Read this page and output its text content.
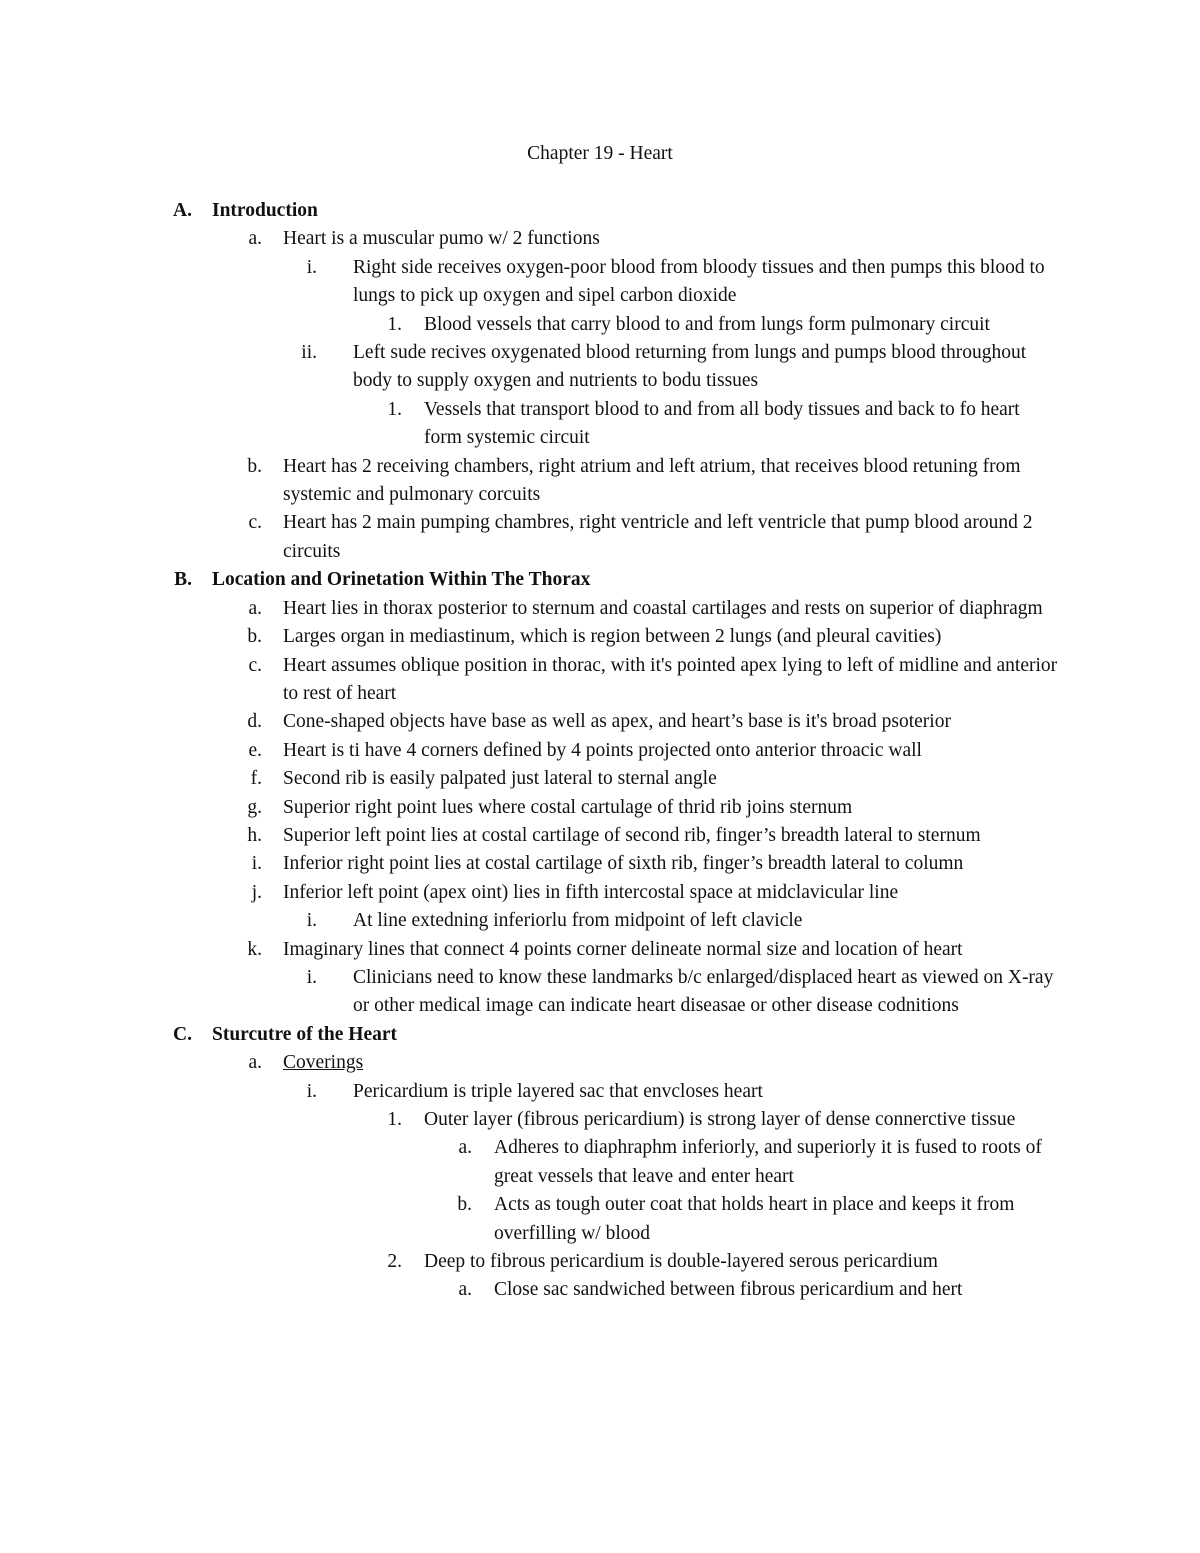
Chapter 19 - Heart
A. Introduction
a. Heart is a muscular pumo w/ 2 functions
i. Right side receives oxygen-poor blood from bloody tissues and then pumps this blood to lungs to pick up oxygen and sipel carbon dioxide
1. Blood vessels that carry blood to and from lungs form pulmonary circuit
ii. Left sude recives oxygenated blood returning from lungs and pumps blood throughout body to supply oxygen and nutrients to bodu tissues
1. Vessels that transport blood to and from all body tissues and back to fo heart form systemic circuit
b. Heart has 2 receiving chambers, right atrium and left atrium, that receives blood retuning from systemic and pulmonary corcuits
c. Heart has 2 main pumping chambres, right ventricle and left ventricle that pump blood around 2 circuits
B. Location and Orinetation Within The Thorax
a. Heart lies in thorax posterior to sternum and coastal cartilages and rests on superior of diaphragm
b. Larges organ in mediastinum, which is region between 2 lungs (and pleural cavities)
c. Heart assumes oblique position in thorac, with it's pointed apex lying to left of midline and anterior to rest of heart
d. Cone-shaped objects have base as well as apex, and heart’s base is it's broad psoterior
e. Heart is ti have 4 corners defined by 4 points projected onto anterior throacic wall
f. Second rib is easily palpated just lateral to sternal angle
g. Superior right point lues where costal cartulage of thrid rib joins sternum
h. Superior left point lies at costal cartilage of second rib, finger’s breadth lateral to sternum
i. Inferior right point lies at costal cartilage of sixth rib, finger’s breadth lateral to column
j. Inferior left point (apex oint) lies in fifth intercostal space at midclavicular line
i. At line extedning inferiorlu from midpoint of left clavicle
k. Imaginary lines that connect 4 points corner delineate normal size and location of heart
i. Clinicians need to know these landmarks b/c enlarged/displaced heart as viewed on X-ray or other medical image can indicate heart diseasae or other disease codnitions
C. Sturcutre of the Heart
a. Coverings
i. Pericardium is triple layered sac that envcloses heart
1. Outer layer (fibrous pericardium) is strong layer of dense connerctive tissue
a. Adheres to diaphraphm inferiorly, and superiorly it is fused to roots of great vessels that leave and enter heart
b. Acts as tough outer coat that holds heart in place and keeps it from overfilling w/ blood
2. Deep to fibrous pericardium is double-layered serous pericardium
a. Close sac sandwiched between fibrous pericardium and hert
